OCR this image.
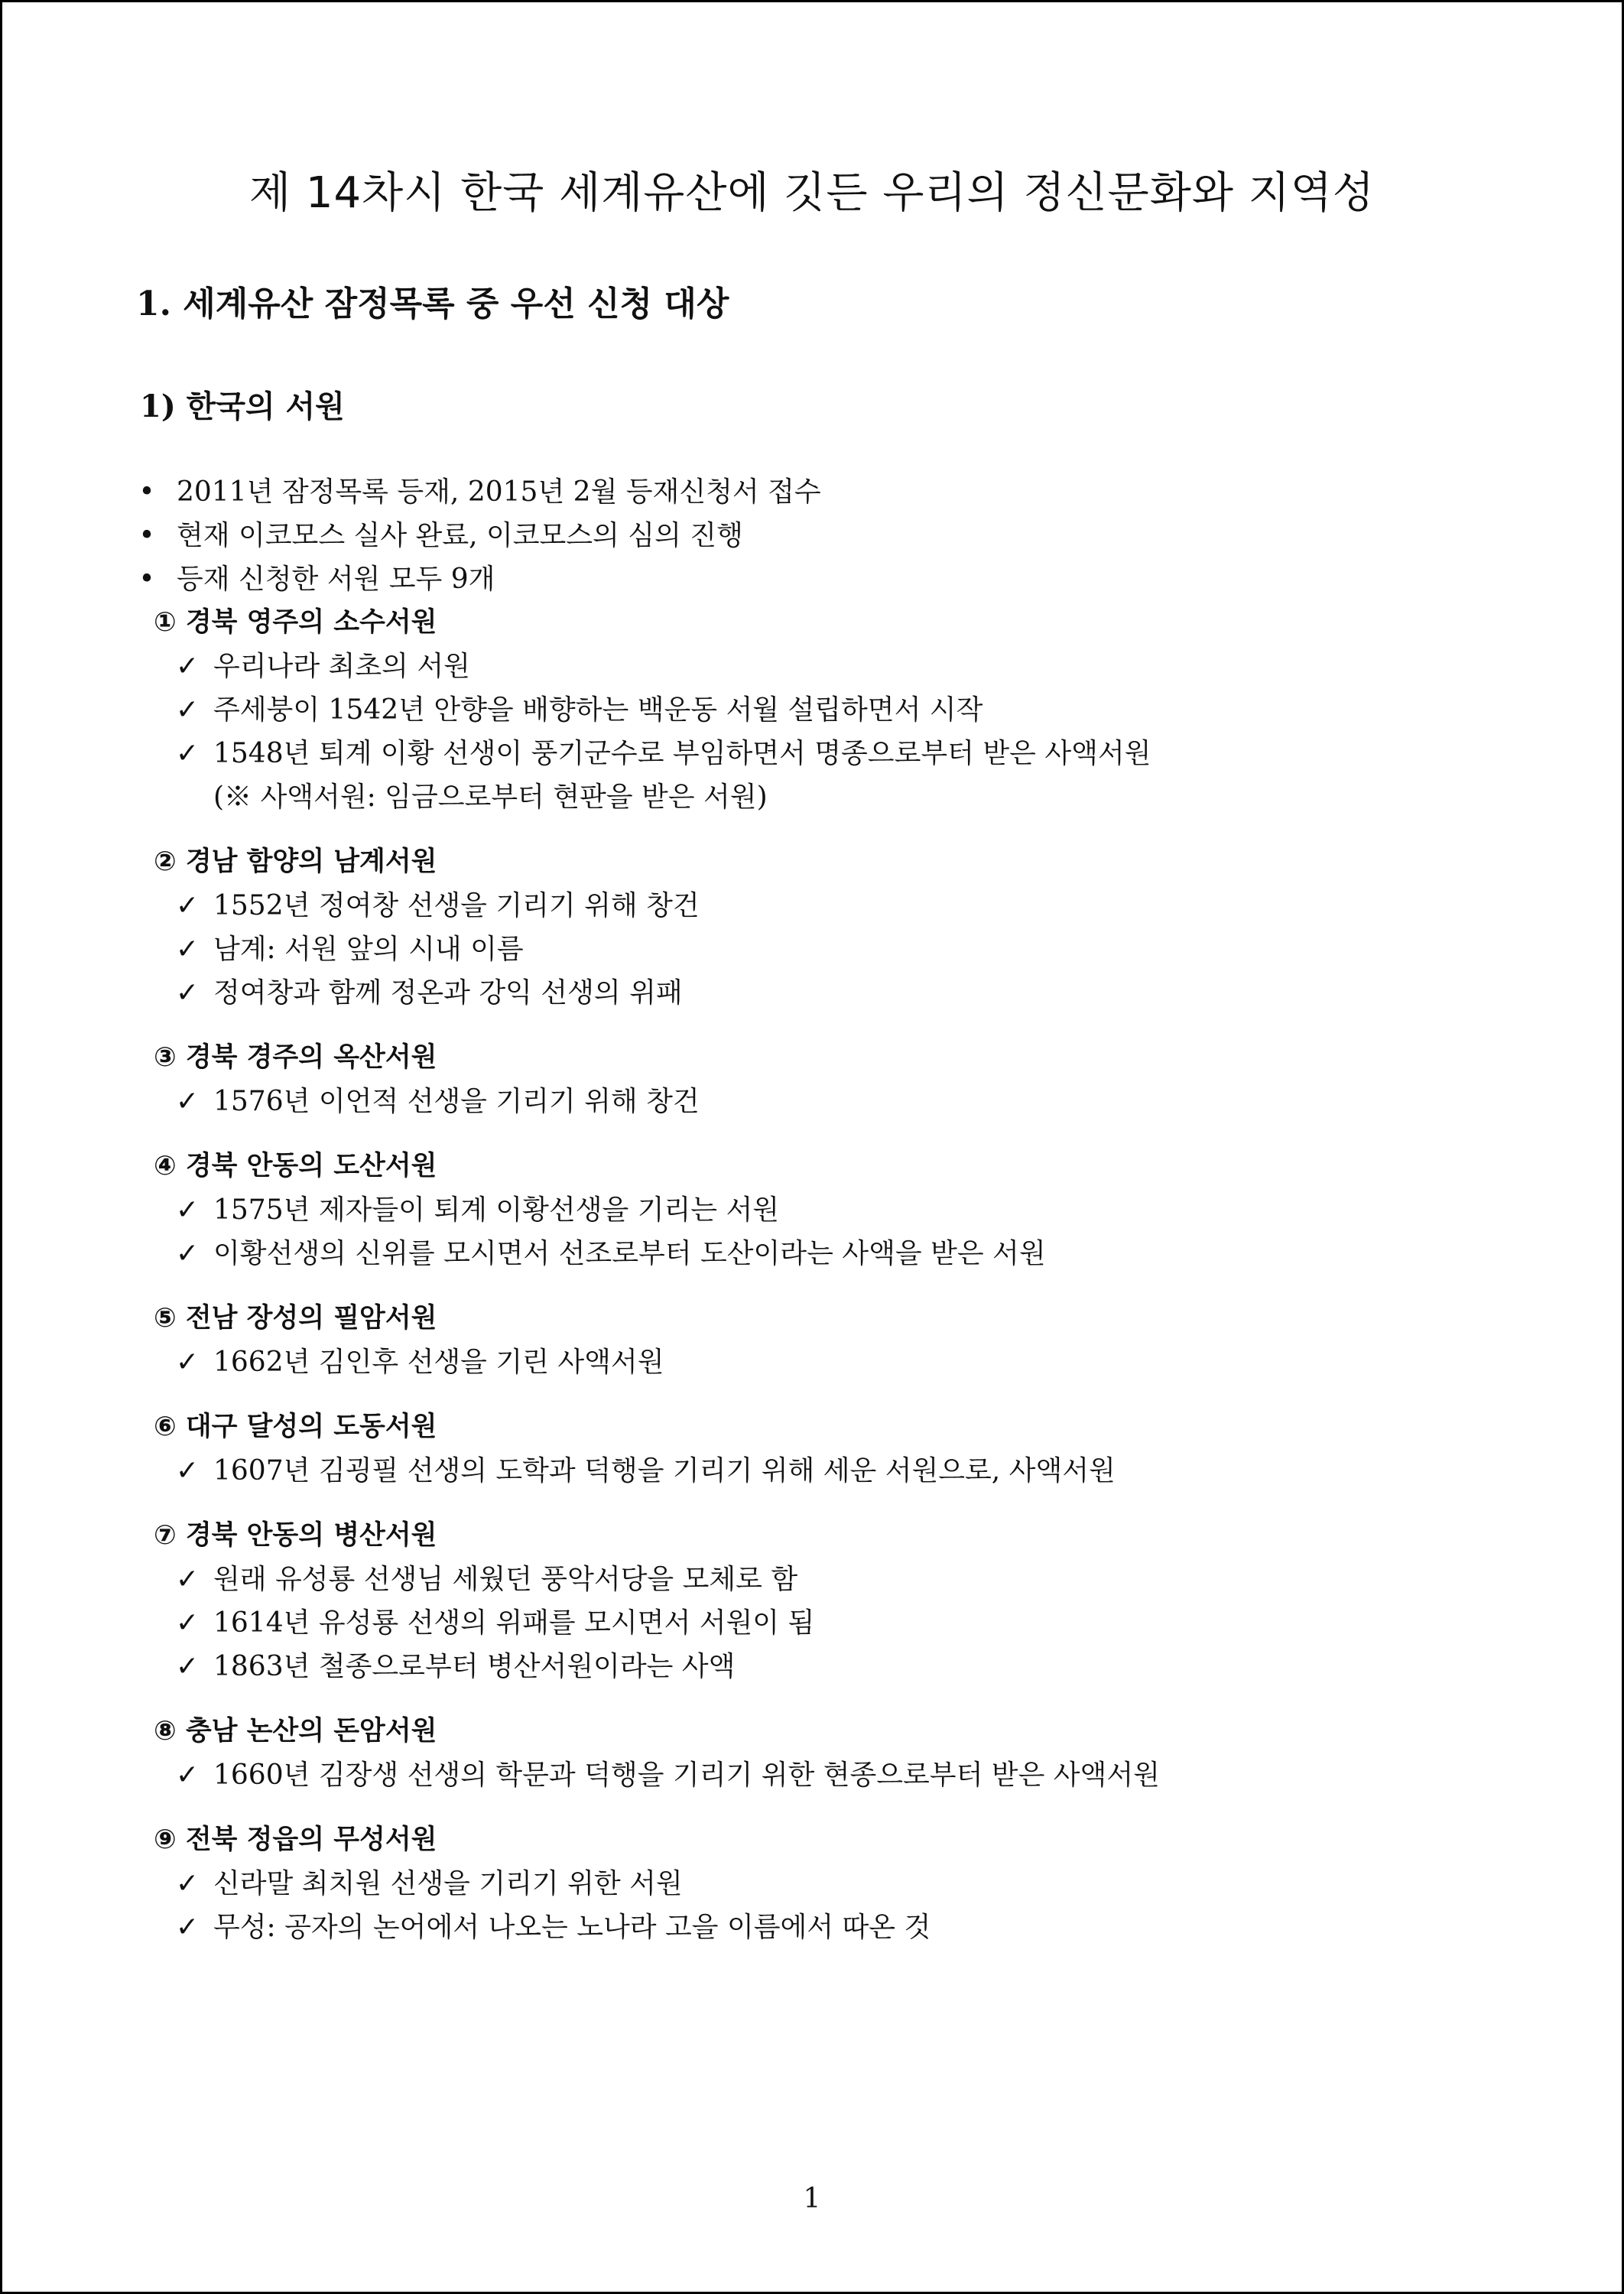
제 14차시 한국 세계유산에 깃든 우리의 정신문화와 지역성
1. 세계유산 잠정목록 중 우선 신청 대상
1) 한국의 서원
• 2011년 잠정목록 등재, 2015년 2월 등재신청서 접수
• 현재 이코모스 실사 완료, 이코모스의 심의 진행
• 등재 신청한 서원 모두 9개
① 경북 영주의 소수서원
✓ 우리나라 최초의 서원
✓ 주세붕이 1542년 안향을 배향하는 백운동 서월 설립하면서 시작
✓ 1548년 퇴계 이황 선생이 풍기군수로 부임하면서 명종으로부터 받은 사액서원
(※ 사액서원: 임금으로부터 현판을 받은 서원)
② 경남 함양의 남계서원
✓ 1552년 정여창 선생을 기리기 위해 창건
✓ 남계: 서원 앞의 시내 이름
✓ 정여창과 함께 정온과 강익 선생의 위패
③ 경북 경주의 옥산서원
✓ 1576년 이언적 선생을 기리기 위해 창건
④ 경북 안동의 도산서원
✓ 1575년 제자들이 퇴계 이황선생을 기리는 서원
✓ 이황선생의 신위를 모시면서 선조로부터 도산이라는 사액을 받은 서원
⑤ 전남 장성의 필암서원
✓ 1662년 김인후 선생을 기린 사액서원
⑥ 대구 달성의 도동서원
✓ 1607년 김굉필 선생의 도학과 덕행을 기리기 위해 세운 서원으로, 사액서원
⑦ 경북 안동의 병산서원
✓ 원래 유성룡 선생님 세웠던 풍악서당을 모체로 함
✓ 1614년 유성룡 선생의 위패를 모시면서 서원이 됨
✓ 1863년 철종으로부터 병산서원이라는 사액
⑧ 충남 논산의 돈암서원
✓ 1660년 김장생 선생의 학문과 덕행을 기리기 위한 현종으로부터 받은 사액서원
⑨ 전북 정읍의 무성서원
✓ 신라말 최치원 선생을 기리기 위한 서원
✓ 무성: 공자의 논어에서 나오는 노나라 고을 이름에서 따온 것
1
